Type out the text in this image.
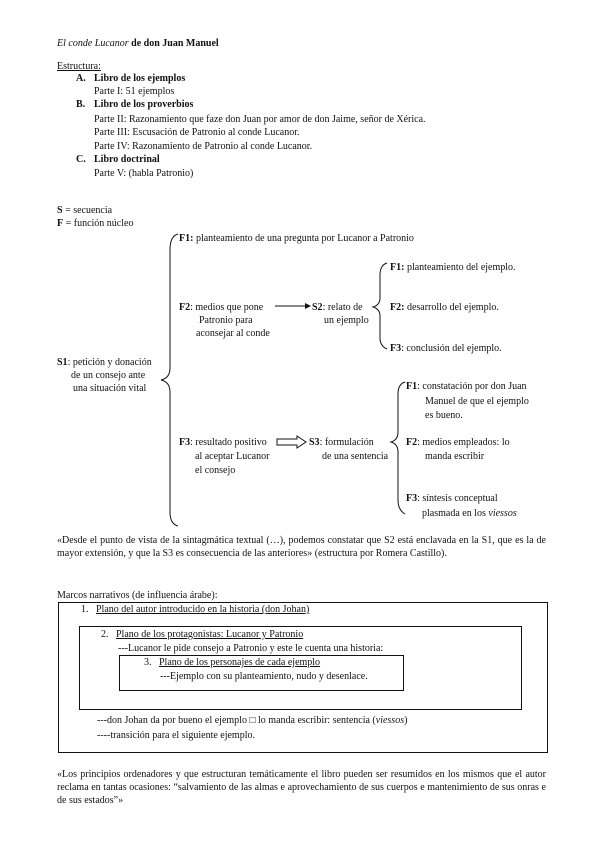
El conde Lucanor de don Juan Manuel
Estructura:
A. Libro de los ejemplos
Parte I: 51 ejemplos
B. Libro de los proverbios
Parte II: Razonamiento que faze don Juan por amor de don Jaime, señor de Xérica.
Parte III: Escusación de Patronio al conde Lucanor.
Parte IV: Razonamiento de Patronio al conde Lucanor.
C. Libro doctrinal
Parte V: (habla Patronio)
S = secuencia
F = función núcleo
S1: petición y donación
de un consejo ante
una situación vital
F1: planteamiento de una pregunta por Lucanor a Patronio
F2: medios que pone
Patronio para
aconsejar al conde
S2: relato de
un ejemplo
F1: planteamiento del ejemplo.
F2: desarrollo del ejemplo.
F3: conclusión del ejemplo.
F3: resultado positivo
al aceptar Lucanor
el consejo
S3: formulación
de una sentencia
F1: constatación por don Juan
Manuel de que el ejemplo
es bueno.
F2: medios empleados: lo
manda escribir
F3: síntesis conceptual
plasmada en los viessos
«Desde el punto de vista de la sintagmática textual (…), podemos constatar que S2 está enclavada en la S1, que es la de mayor extensión, y que la S3 es consecuencia de las anteriores» (estructura por Romera Castillo).
Marcos narrativos (de influencia árabe):
1. Plano del autor introducido en la historia (don Johan)
2. Plano de los protagonistas: Lucanor y Patronio
---Lucanor le pide consejo a Patronio y este le cuenta una historia:
3. Plano de los personajes de cada ejemplo
---Ejemplo con su planteamiento, nudo y desenlace.
---don Johan da por bueno el ejemplo □ lo manda escribir: sentencia (viessos)
----transición para el siguiente ejemplo.
«Los principios ordenadores y que estructuran temáticamente el libro pueden ser resumidos en los mismos que el autor reclama en tantas ocasiones: “salvamiento de las almas e aprovechamiento de sus cuerpos e mantenimiento de sus onras e de sus estados”»
